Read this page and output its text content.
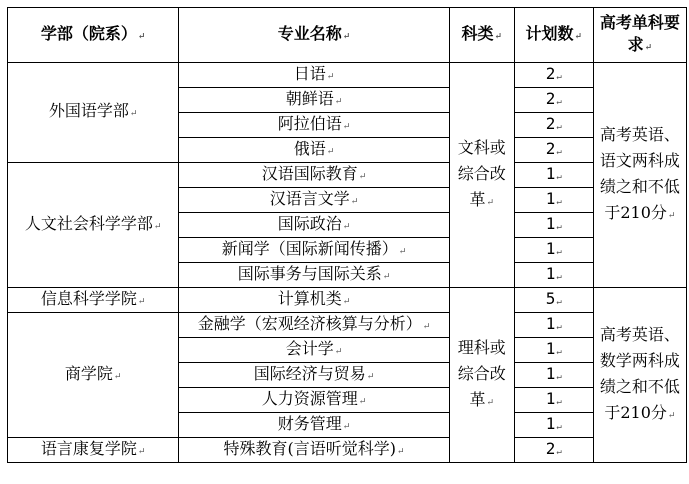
学部（院系）↵	专业名称↵	科类↵	计划数↵	高考单科要求↵
外国语学部↵	日语↵	文科或综合改革↵	2↵	高考英语、语文两科成绩之和不低于210分↵
	朝鲜语↵		2↵	
	阿拉伯语↵		2↵	
	俄语↵		2↵	
人文社会科学学部↵	汉语国际教育↵		1↵	
	汉语言文学↵		1↵	
	国际政治↵		1↵	
	新闻学（国际新闻传播）↵		1↵	
	国际事务与国际关系↵		1↵	
信息科学学院↵	计算机类↵	理科或综合改革↵	5↵	高考英语、数学两科成绩之和不低于210分↵
商学院↵	金融学（宏观经济核算与分析）↵		1↵	
	会计学↵		1↵	
	国际经济与贸易↵		1↵	
	人力资源管理↵		1↵	
	财务管理↵		1↵	
语言康复学院↵	特殊教育(言语听觉科学)↵		2↵	
